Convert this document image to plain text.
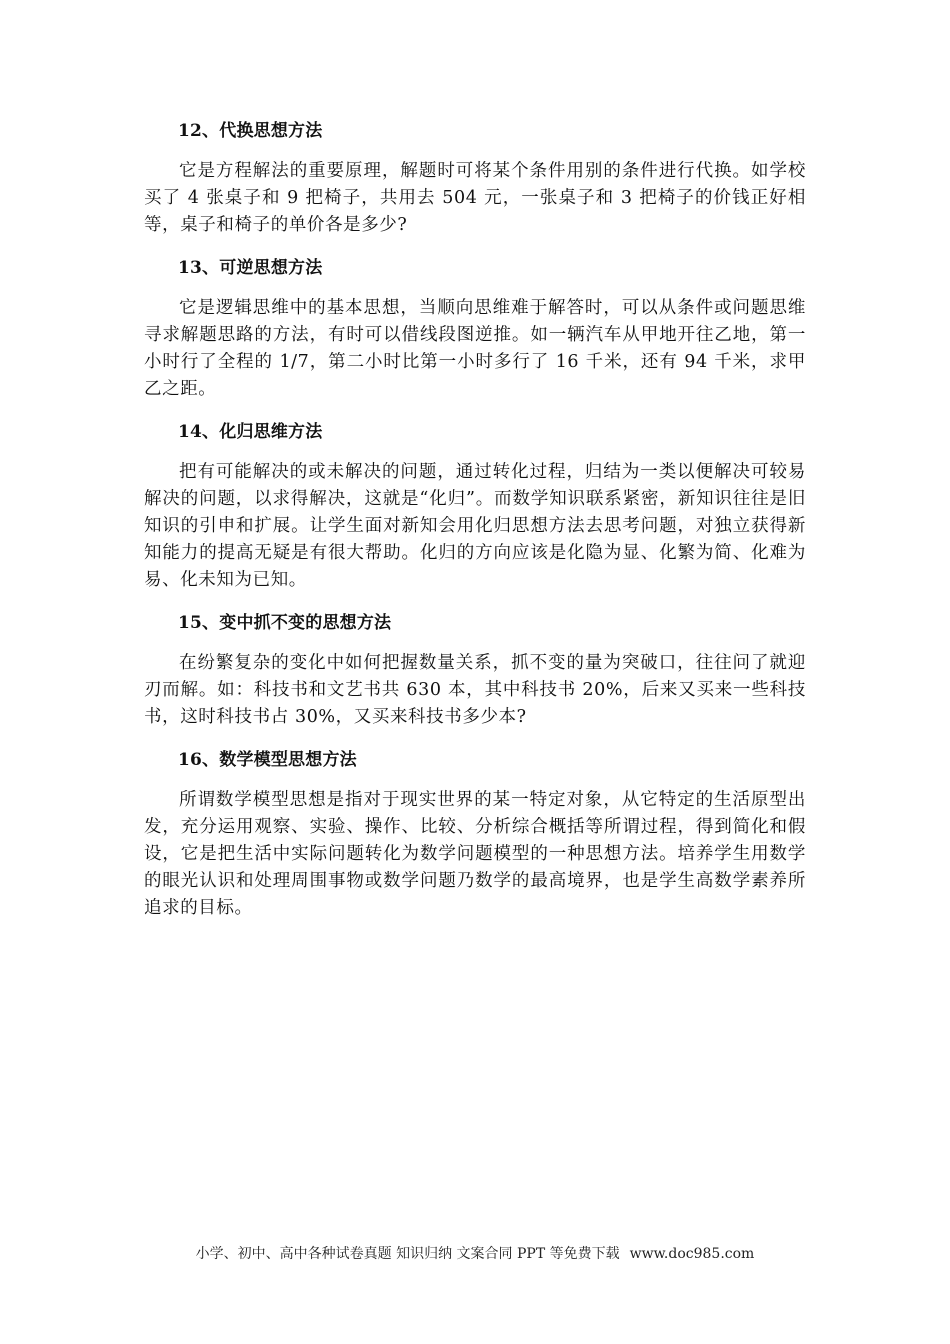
12、代换思想方法

它是方程解法的重要原理，解题时可将某个条件用别的条件进行代换。如学校买了 4 张桌子和 9 把椅子，共用去 504 元，一张桌子和 3 把椅子的价钱正好相等，桌子和椅子的单价各是多少?

13、可逆思想方法

它是逻辑思维中的基本思想，当顺向思维难于解答时，可以从条件或问题思维寻求解题思路的方法，有时可以借线段图逆推。如一辆汽车从甲地开往乙地，第一小时行了全程的 1/7，第二小时比第一小时多行了 16 千米，还有 94 千米，求甲乙之距。

14、化归思维方法

把有可能解决的或未解决的问题，通过转化过程，归结为一类以便解决可较易解决的问题，以求得解决，这就是“化归”。而数学知识联系紧密，新知识往往是旧知识的引申和扩展。让学生面对新知会用化归思想方法去思考问题，对独立获得新知能力的提高无疑是有很大帮助。化归的方向应该是化隐为显、化繁为简、化难为易、化未知为已知。

15、变中抓不变的思想方法

在纷繁复杂的变化中如何把握数量关系，抓不变的量为突破口，往往问了就迎刃而解。如：科技书和文艺书共 630 本，其中科技书 20%，后来又买来一些科技书，这时科技书占 30%，又买来科技书多少本?

16、数学模型思想方法

所谓数学模型思想是指对于现实世界的某一特定对象，从它特定的生活原型出发，充分运用观察、实验、操作、比较、分析综合概括等所谓过程，得到简化和假设，它是把生活中实际问题转化为数学问题模型的一种思想方法。培养学生用数学的眼光认识和处理周围事物或数学问题乃数学的最高境界，也是学生高数学素养所追求的目标。

小学、初中、高中各种试卷真题 知识归纳 文案合同 PPT 等免费下载 www.doc985.com
